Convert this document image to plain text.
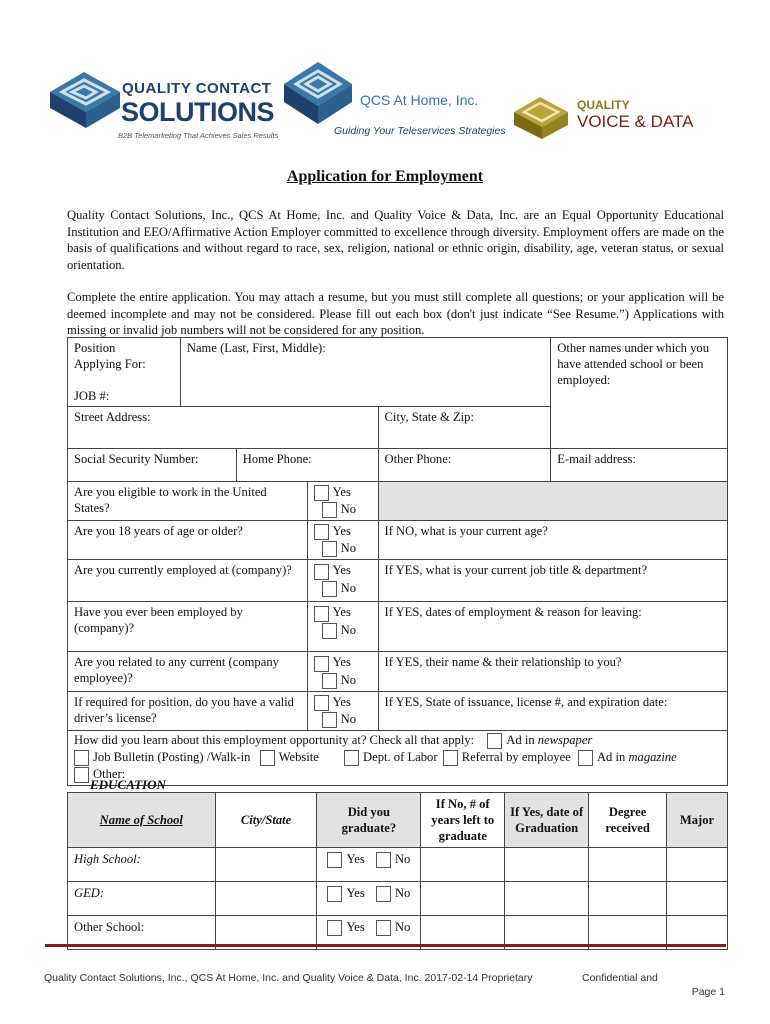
QUALITY CONTACT
SOLUTIONS
B2B Telemarketing That Achieves Sales Results
QCS At Home, Inc.
Guiding Your Teleservices Strategies
QUALITY
VOICE & DATA
Application for Employment
Quality Contact Solutions, Inc., QCS At Home, Inc. and Quality Voice & Data, Inc. are an Equal Opportunity Educational Institution and EEO/Affirmative Action Employer committed to excellence through diversity. Employment offers are made on the basis of qualifications and without regard to race, sex, religion, national or ethnic origin, disability, age, veteran status, or sexual orientation.
Complete the entire application. You may attach a resume, but you must still complete all questions; or your application will be deemed incomplete and may not be considered. Please fill out each box (don't just indicate “See Resume.”) Applications with missing or invalid job numbers will not be considered for any position.
Position
Applying For:
JOB #:	Name (Last, First, Middle):				Other names under which you have attended school or been employed:
Street Address:				City, State & Zip:	
Social Security Number:		Home Phone:		Other Phone:	E-mail address:
Are you eligible to work in the United States?			Yes No		
Are you 18 years of age or older?			Yes No	If NO, what is your current age?	
Are you currently employed at (company)?			Yes No	If YES, what is your current job title & department?	
Have you ever been employed by (company)?			Yes No	If YES, dates of employment & reason for leaving:	
Are you related to any current (company employee)?			Yes No	If YES, their name & their relationship to you?	
If required for position, do you have a valid driver’s license?			Yes No	If YES, State of issuance, license #, and expiration date:	

How did you learn about this employment opportunity at? Check all that apply: Ad in newspaper
Job Bulletin (Posting) /Walk-in Website Dept. of Labor Referral by employee Ad in magazine
Other:					
EDUCATION
Name of School	City/State	Did you graduate?	If No, # of years left to graduate	If Yes, date of Graduation	Degree received	Major
High School:		Yes No				
GED:		Yes No				
Other School:		Yes No				
Quality Contact Solutions, Inc., QCS At Home, Inc. and Quality Voice & Data, Inc. 2017-02-14 Proprietary	Confidential and
Page 1
